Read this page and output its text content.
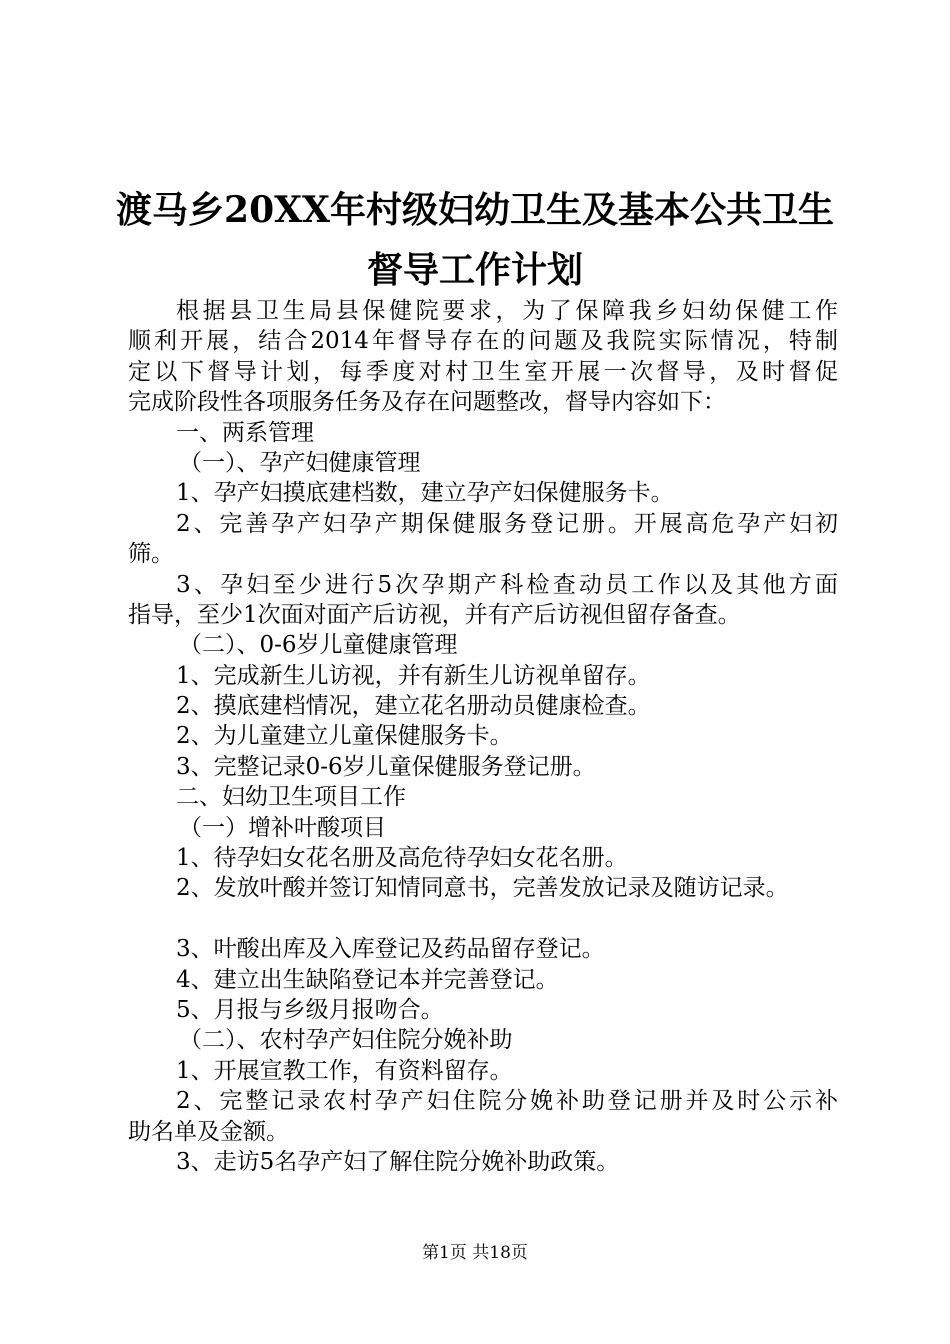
渡马乡20XX年村级妇幼卫生及基本公共卫生
督导工作计划
根据县卫生局县保健院要求，为了保障我乡妇幼保健工作
顺利开展，结合2014年督导存在的问题及我院实际情况，特制
定以下督导计划，每季度对村卫生室开展一次督导，及时督促
完成阶段性各项服务任务及存在问题整改，督导内容如下：
一、两系管理
（一）、孕产妇健康管理
1、孕产妇摸底建档数，建立孕产妇保健服务卡。
2、完善孕产妇孕产期保健服务登记册。开展高危孕产妇初
筛。
3、孕妇至少进行5次孕期产科检查动员工作以及其他方面
指导，至少1次面对面产后访视，并有产后访视但留存备查。
（二）、0-6岁儿童健康管理
1、完成新生儿访视，并有新生儿访视单留存。
2、摸底建档情况，建立花名册动员健康检查。
2、为儿童建立儿童保健服务卡。
3、完整记录0-6岁儿童保健服务登记册。
二、妇幼卫生项目工作
（一）增补叶酸项目
1、待孕妇女花名册及高危待孕妇女花名册。
2、发放叶酸并签订知情同意书，完善发放记录及随访记录。
3、叶酸出库及入库登记及药品留存登记。
4、建立出生缺陷登记本并完善登记。
5、月报与乡级月报吻合。
（二）、农村孕产妇住院分娩补助
1、开展宣教工作，有资料留存。
2、完整记录农村孕产妇住院分娩补助登记册并及时公示补
助名单及金额。
3、走访5名孕产妇了解住院分娩补助政策。
第1页 共18页
